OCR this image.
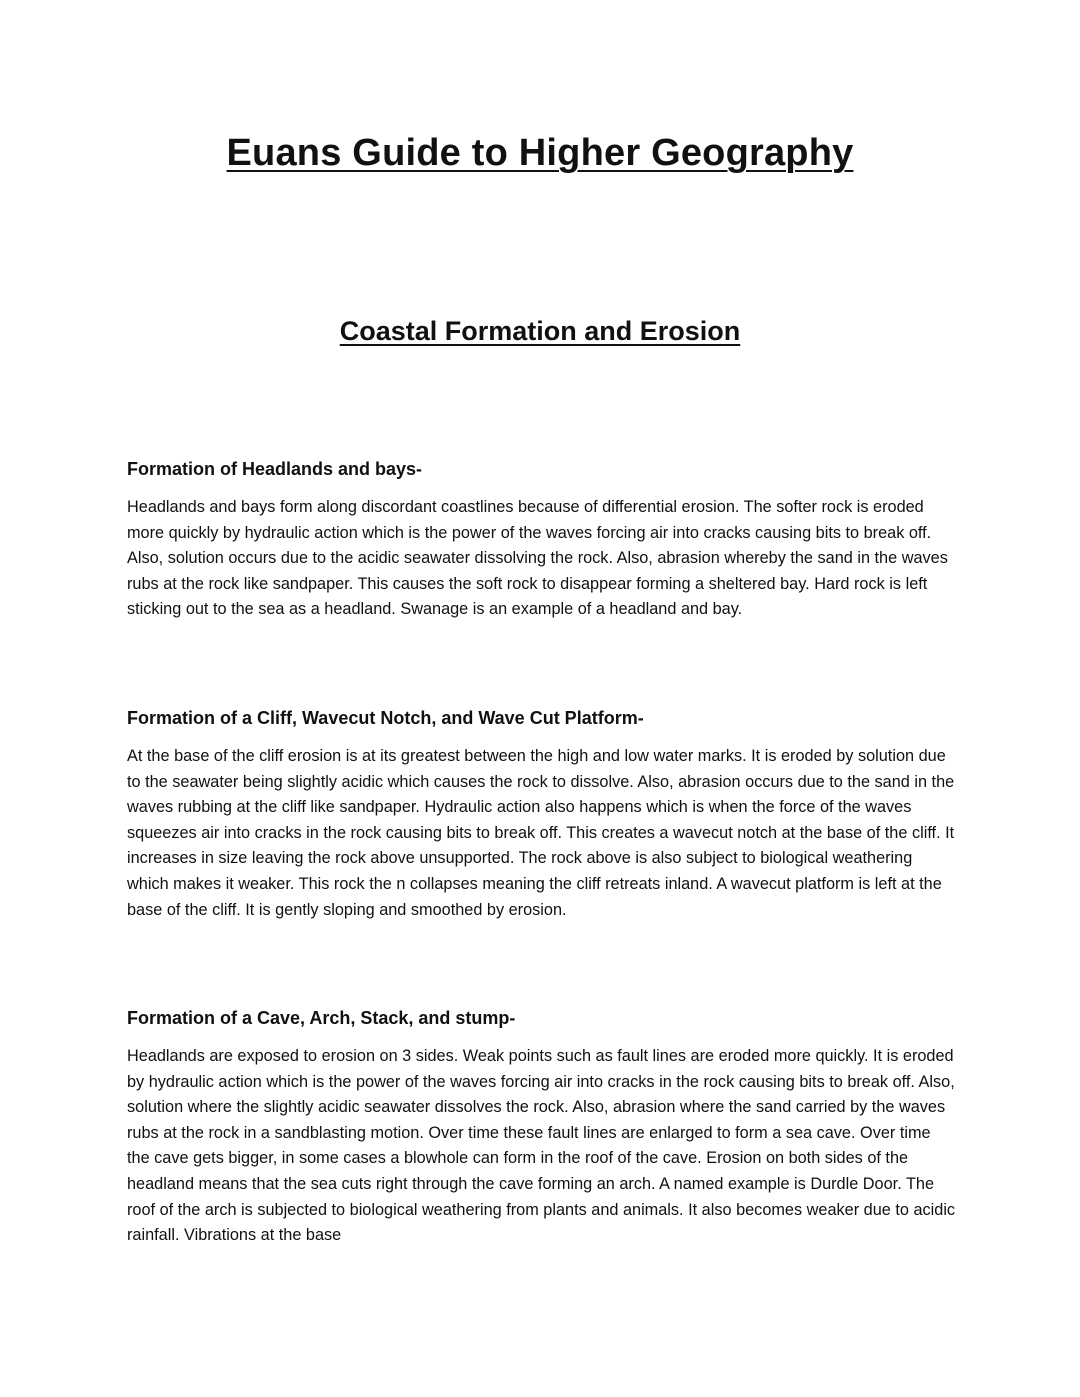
Euans Guide to Higher Geography
Coastal Formation and Erosion
Formation of Headlands and bays-

Headlands and bays form along discordant coastlines because of differential erosion. The softer rock is eroded more quickly by hydraulic action which is the power of the waves forcing air into cracks causing bits to break off. Also, solution occurs due to the acidic seawater dissolving the rock. Also, abrasion whereby the sand in the waves rubs at the rock like sandpaper. This causes the soft rock to disappear forming a sheltered bay. Hard rock is left sticking out to the sea as a headland. Swanage is an example of a headland and bay.

Formation of a Cliff, Wavecut Notch, and Wave Cut Platform-

At the base of the cliff erosion is at its greatest between the high and low water marks. It is eroded by solution due to the seawater being slightly acidic which causes the rock to dissolve. Also, abrasion occurs due to the sand in the waves rubbing at the cliff like sandpaper. Hydraulic action also happens which is when the force of the waves squeezes air into cracks in the rock causing bits to break off. This creates a wavecut notch at the base of the cliff. It increases in size leaving the rock above unsupported. The rock above is also subject to biological weathering which makes it weaker. This rock the n collapses meaning the cliff retreats inland. A wavecut platform is left at the base of the cliff. It is gently sloping and smoothed by erosion.

Formation of a Cave, Arch, Stack, and stump-

Headlands are exposed to erosion on 3 sides. Weak points such as fault lines are eroded more quickly. It is eroded by hydraulic action which is the power of the waves forcing air into cracks in the rock causing bits to break off. Also, solution where the slightly acidic seawater dissolves the rock. Also, abrasion where the sand carried by the waves rubs at the rock in a sandblasting motion. Over time these fault lines are enlarged to form a sea cave. Over time the cave gets bigger, in some cases a blowhole can form in the roof of the cave. Erosion on both sides of the headland means that the sea cuts right through the cave forming an arch. A named example is Durdle Door. The roof of the arch is subjected to biological weathering from plants and animals. It also becomes weaker due to acidic rainfall. Vibrations at the base
